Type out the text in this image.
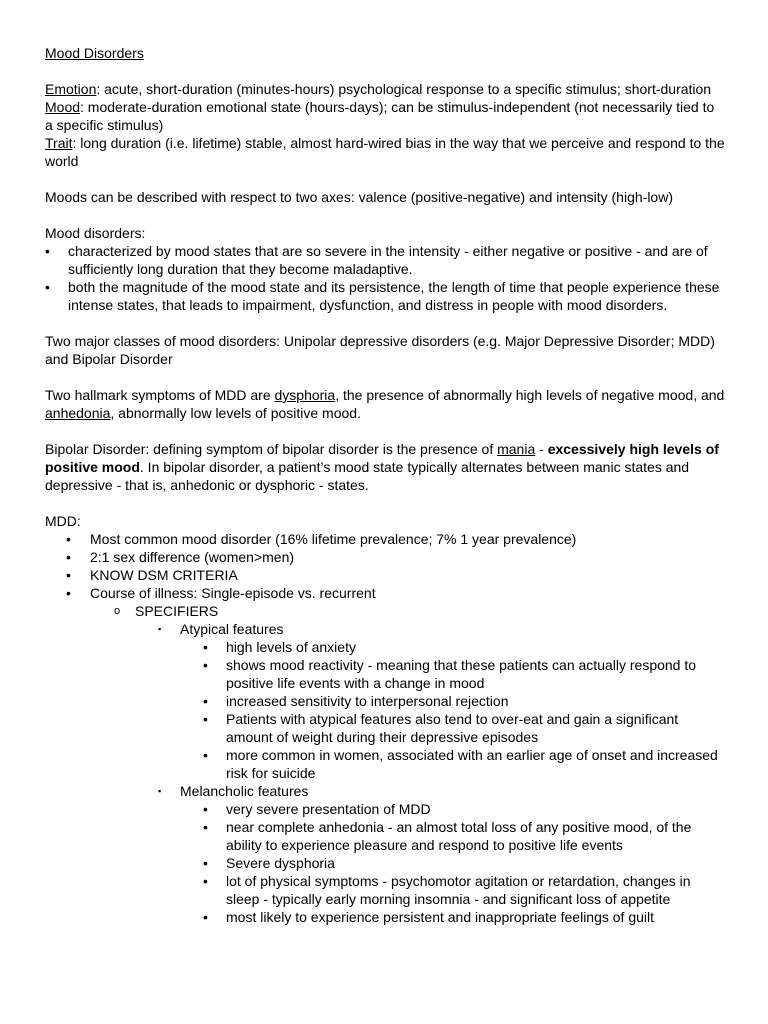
Mood Disorders

Emotion: acute, short-duration (minutes-hours) psychological response to a specific stimulus; short-duration

Mood: moderate-duration emotional state (hours-days); can be stimulus-independent (not necessarily tied to a specific stimulus)

Trait: long duration (i.e. lifetime) stable, almost hard-wired bias in the way that we perceive and respond to the world

Moods can be described with respect to two axes: valence (positive-negative) and intensity (high-low)

Mood disorders:

• characterized by mood states that are so severe in the intensity - either negative or positive - and are of sufficiently long duration that they become maladaptive.
• both the magnitude of the mood state and its persistence, the length of time that people experience these intense states, that leads to impairment, dysfunction, and distress in people with mood disorders.

Two major classes of mood disorders: Unipolar depressive disorders (e.g. Major Depressive Disorder; MDD) and Bipolar Disorder

Two hallmark symptoms of MDD are dysphoria, the presence of abnormally high levels of negative mood, and anhedonia, abnormally low levels of positive mood.

Bipolar Disorder: defining symptom of bipolar disorder is the presence of mania - excessively high levels of positive mood. In bipolar disorder, a patient’s mood state typically alternates between manic states and depressive - that is, anhedonic or dysphoric - states.

MDD:

• Most common mood disorder (16% lifetime prevalence; 7% 1 year prevalence)
• 2:1 sex difference (women>men)
• KNOW DSM CRITERIA
• Course of illness: Single-episode vs. recurrent
o SPECIFIERS
▪ Atypical features
• high levels of anxiety
• shows mood reactivity - meaning that these patients can actually respond to positive life events with a change in mood
• increased sensitivity to interpersonal rejection
• Patients with atypical features also tend to over-eat and gain a significant amount of weight during their depressive episodes
• more common in women, associated with an earlier age of onset and increased risk for suicide
▪ Melancholic features
• very severe presentation of MDD
• near complete anhedonia - an almost total loss of any positive mood, of the ability to experience pleasure and respond to positive life events
• Severe dysphoria
• lot of physical symptoms - psychomotor agitation or retardation, changes in sleep - typically early morning insomnia - and significant loss of appetite
• most likely to experience persistent and inappropriate feelings of guilt
